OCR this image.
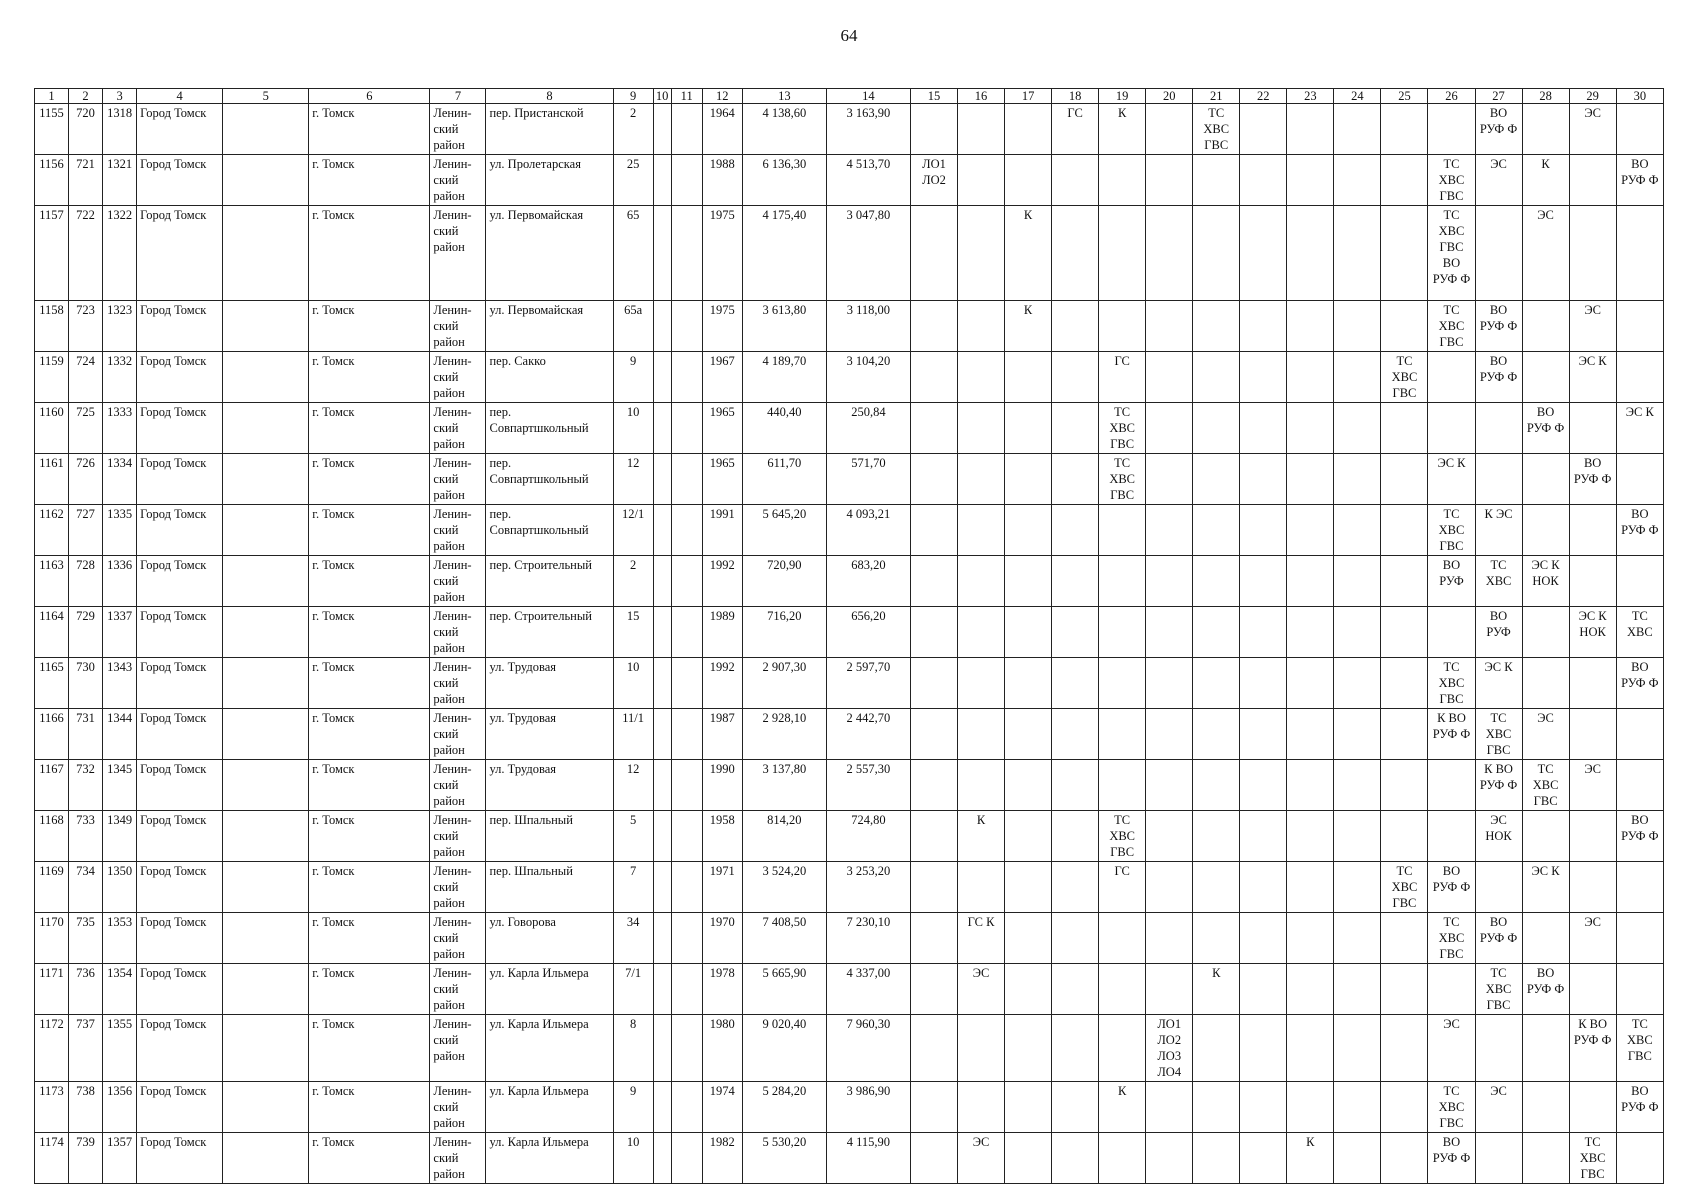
64
1	2	3	4	5	6	7	8	9	10	11	12	13	14	15	16	17	18	19	20	21	22	23	24	25	26	27	28	29	30
1155	720	1318	Город Томск		г. Томск	Ленин-ский район	пер. Пристанской	2			1964	4 138,60	3 163,90				ГС	К		ТС ХВС ГВС						ВО РУФ Ф		ЭС	
1156	721	1321	Город Томск		г. Томск	Ленин-ский район	ул. Пролетарская	25			1988	6 136,30	4 513,70	ЛО1 ЛО2											ТС ХВС ГВС	ЭС	К		ВО РУФ Ф
1157	722	1322	Город Томск		г. Томск	Ленин-ский район	ул. Первомайская	65			1975	4 175,40	3 047,80			К									ТС ХВС ГВС ВО РУФ Ф		ЭС		
1158	723	1323	Город Томск		г. Томск	Ленин-ский район	ул. Первомайская	65а			1975	3 613,80	3 118,00			К									ТС ХВС ГВС	ВО РУФ Ф		ЭС	
1159	724	1332	Город Томск		г. Томск	Ленин-ский район	пер. Сакко	9			1967	4 189,70	3 104,20					ГС						ТС ХВС ГВС		ВО РУФ Ф		ЭС К	
1160	725	1333	Город Томск		г. Томск	Ленин-ский район	пер. Совпартшкольный	10			1965	440,40	250,84					ТС ХВС ГВС									ВО РУФ Ф		ЭС К
1161	726	1334	Город Томск		г. Томск	Ленин-ский район	пер. Совпартшкольный	12			1965	611,70	571,70					ТС ХВС ГВС							ЭС К			ВО РУФ Ф	
1162	727	1335	Город Томск		г. Томск	Ленин-ский район	пер. Совпартшкольный	12/1			1991	5 645,20	4 093,21												ТС ХВС ГВС	К ЭС			ВО РУФ Ф
1163	728	1336	Город Томск		г. Томск	Ленин-ский район	пер. Строительный	2			1992	720,90	683,20												ВО РУФ	ТС ХВС	ЭС К НОК		
1164	729	1337	Город Томск		г. Томск	Ленин-ский район	пер. Строительный	15			1989	716,20	656,20													ВО РУФ		ЭС К НОК	ТС ХВС
1165	730	1343	Город Томск		г. Томск	Ленин-ский район	ул. Трудовая	10			1992	2 907,30	2 597,70												ТС ХВС ГВС	ЭС К			ВО РУФ Ф
1166	731	1344	Город Томск		г. Томск	Ленин-ский район	ул. Трудовая	11/1			1987	2 928,10	2 442,70												К ВО РУФ Ф	ТС ХВС ГВС	ЭС		
1167	732	1345	Город Томск		г. Томск	Ленин-ский район	ул. Трудовая	12			1990	3 137,80	2 557,30													К ВО РУФ Ф	ТС ХВС ГВС	ЭС	
1168	733	1349	Город Томск		г. Томск	Ленин-ский район	пер. Шпальный	5			1958	814,20	724,80		К			ТС ХВС ГВС								ЭС НОК			ВО РУФ Ф
1169	734	1350	Город Томск		г. Томск	Ленин-ский район	пер. Шпальный	7			1971	3 524,20	3 253,20					ГС						ТС ХВС ГВС	ВО РУФ Ф		ЭС К		
1170	735	1353	Город Томск		г. Томск	Ленин-ский район	ул. Говорова	34			1970	7 408,50	7 230,10		ГС К										ТС ХВС ГВС	ВО РУФ Ф		ЭС	
1171	736	1354	Город Томск		г. Томск	Ленин-ский район	ул. Карла Ильмера	7/1			1978	5 665,90	4 337,00		ЭС					К						ТС ХВС ГВС	ВО РУФ Ф		
1172	737	1355	Город Томск		г. Томск	Ленин-ский район	ул. Карла Ильмера	8			1980	9 020,40	7 960,30						ЛО1 ЛО2 ЛО3 ЛО4						ЭС			К ВО РУФ Ф	ТС ХВС ГВС
1173	738	1356	Город Томск		г. Томск	Ленин-ский район	ул. Карла Ильмера	9			1974	5 284,20	3 986,90					К							ТС ХВС ГВС	ЭС			ВО РУФ Ф
1174	739	1357	Город Томск		г. Томск	Ленин-ский район	ул. Карла Ильмера	10			1982	5 530,20	4 115,90		ЭС							К			ВО РУФ Ф			ТС ХВС ГВС	
